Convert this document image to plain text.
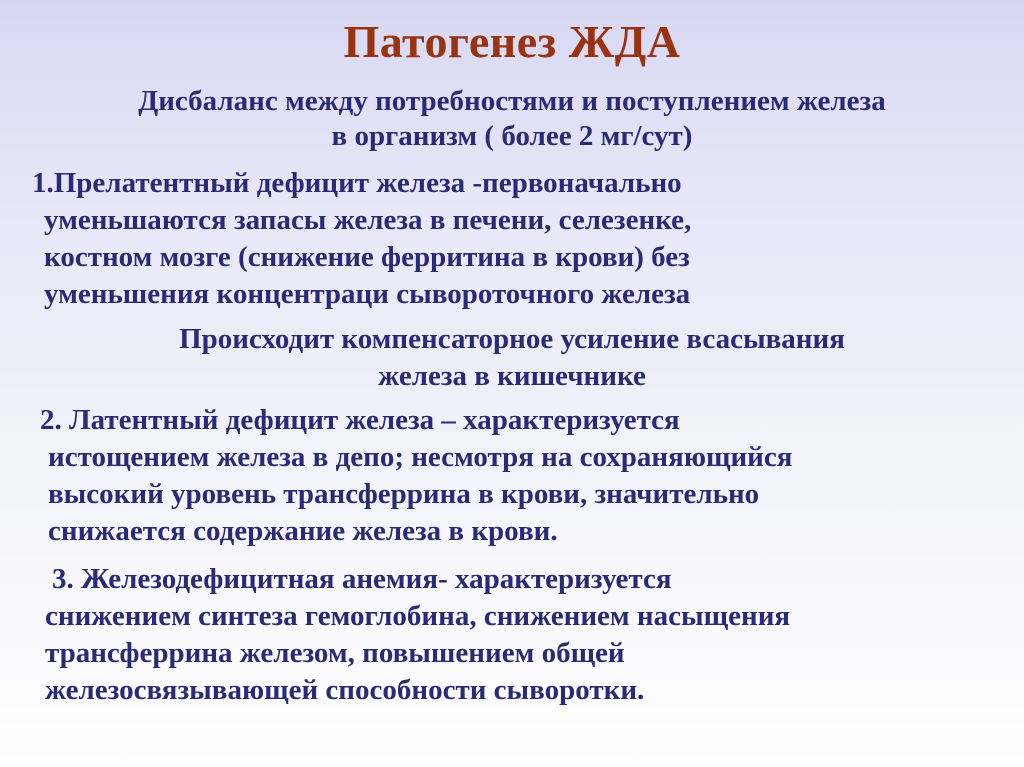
Патогенез ЖДА
Дисбаланс между потребностями и поступлением железа
в организм ( более 2 мг/сут)
1.Прелатентный дефицит железа -первоначально
уменьшаются запасы железа в печени, селезенке,
костном мозге (снижение ферритина в крови) без
уменьшения концентраци сывороточного железа
Происходит компенсаторное усиление всасывания
железа в кишечнике
2. Латентный дефицит железа – характеризуется
истощением железа в депо; несмотря на сохраняющийся
высокий уровень трансферрина в крови, значительно
снижается содержание железа в крови.
3. Железодефицитная анемия- характеризуется
снижением синтеза гемоглобина, снижением насыщения
трансферрина железом, повышением общей
железосвязывающей способности сыворотки.
